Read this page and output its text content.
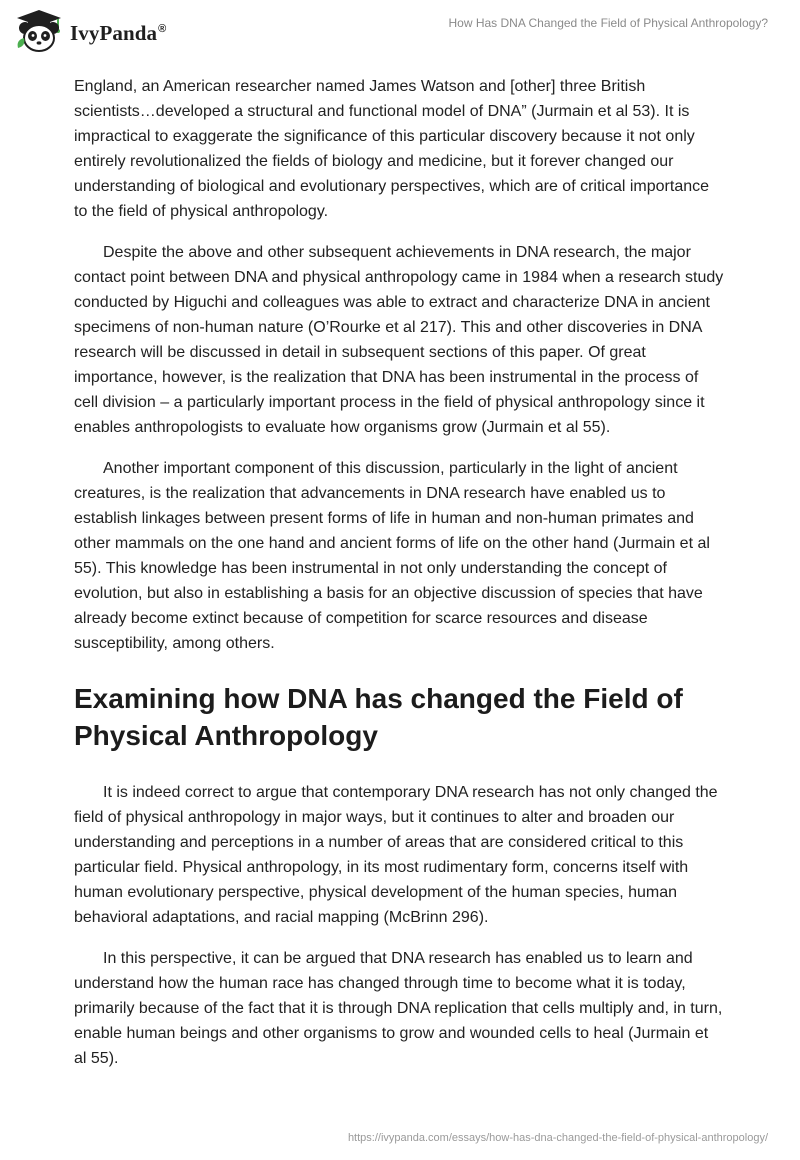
IvyPanda®	How Has DNA Changed the Field of Physical Anthropology?

England, an American researcher named James Watson and [other] three British scientists…developed a structural and functional model of DNA” (Jurmain et al 53). It is impractical to exaggerate the significance of this particular discovery because it not only entirely revolutionalized the fields of biology and medicine, but it forever changed our understanding of biological and evolutionary perspectives, which are of critical importance to the field of physical anthropology.

Despite the above and other subsequent achievements in DNA research, the major contact point between DNA and physical anthropology came in 1984 when a research study conducted by Higuchi and colleagues was able to extract and characterize DNA in ancient specimens of non-human nature (O’Rourke et al 217). This and other discoveries in DNA research will be discussed in detail in subsequent sections of this paper. Of great importance, however, is the realization that DNA has been instrumental in the process of cell division – a particularly important process in the field of physical anthropology since it enables anthropologists to evaluate how organisms grow (Jurmain et al 55).

Another important component of this discussion, particularly in the light of ancient creatures, is the realization that advancements in DNA research have enabled us to establish linkages between present forms of life in human and non-human primates and other mammals on the one hand and ancient forms of life on the other hand (Jurmain et al 55). This knowledge has been instrumental in not only understanding the concept of evolution, but also in establishing a basis for an objective discussion of species that have already become extinct because of competition for scarce resources and disease susceptibility, among others.

Examining how DNA has changed the Field of Physical Anthropology

It is indeed correct to argue that contemporary DNA research has not only changed the field of physical anthropology in major ways, but it continues to alter and broaden our understanding and perceptions in a number of areas that are considered critical to this particular field. Physical anthropology, in its most rudimentary form, concerns itself with human evolutionary perspective, physical development of the human species, human behavioral adaptations, and racial mapping (McBrinn 296).

In this perspective, it can be argued that DNA research has enabled us to learn and understand how the human race has changed through time to become what it is today, primarily because of the fact that it is through DNA replication that cells multiply and, in turn, enable human beings and other organisms to grow and wounded cells to heal (Jurmain et al 55).

https://ivypanda.com/essays/how-has-dna-changed-the-field-of-physical-anthropology/
